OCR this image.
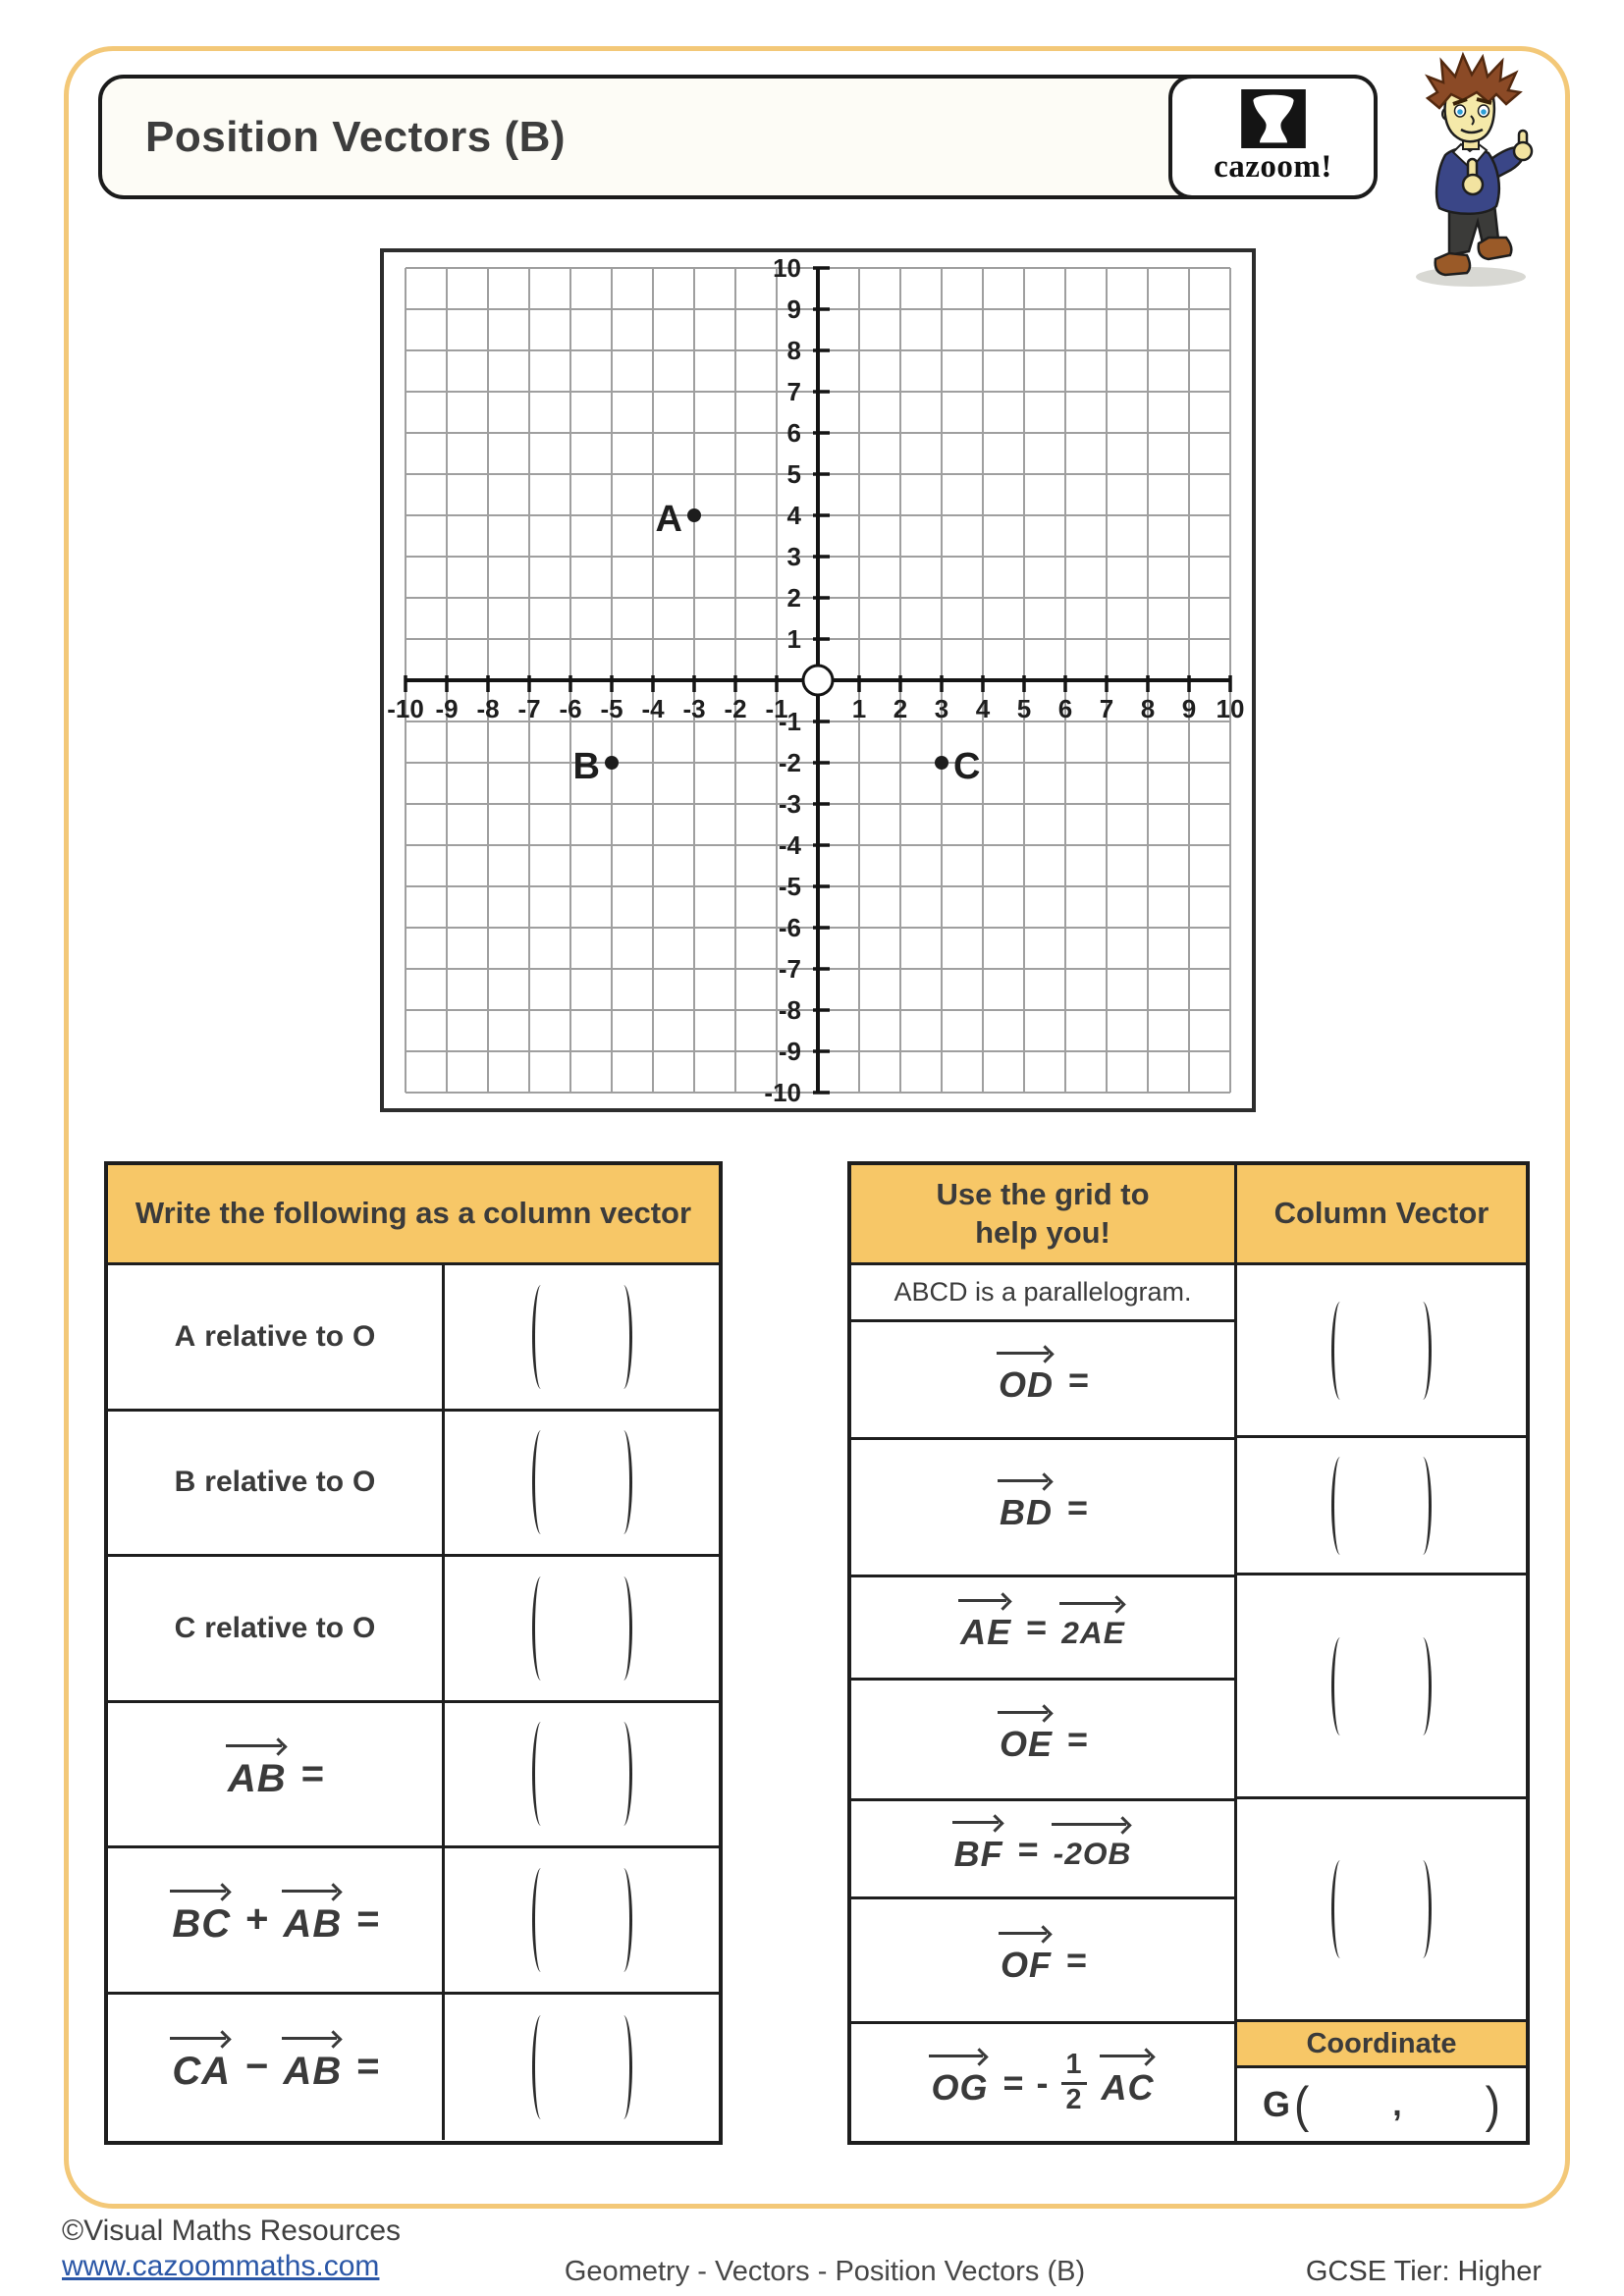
Position Vectors (B)
cazoom!
-10 -9 -8 -7 -6 -5 -4 -3 -2 -1	1 2 3 4 5 6 7 8 9 10
-10
-9
-8
-7
-6
-5
-4
-3
-2
-1
1
2
3
4
5
6
7
8
9
10
A
B	C
Write the following as a column vector
A relative to O
B relative to O
C relative to O
AB =
BC + AB =
CA − AB =
Use the grid to
help you!
ABCD is a parallelogram.
OD =
BD =
AE = 2AE
OE =
BF = -2OB
OF =
OG = - $\frac{1}{2}$ AC
Column Vector
Coordinate
G ( , )
©Visual Maths Resources
www.cazoommaths.com	Geometry - Vectors - Position Vectors (B)	GCSE Tier: Higher
